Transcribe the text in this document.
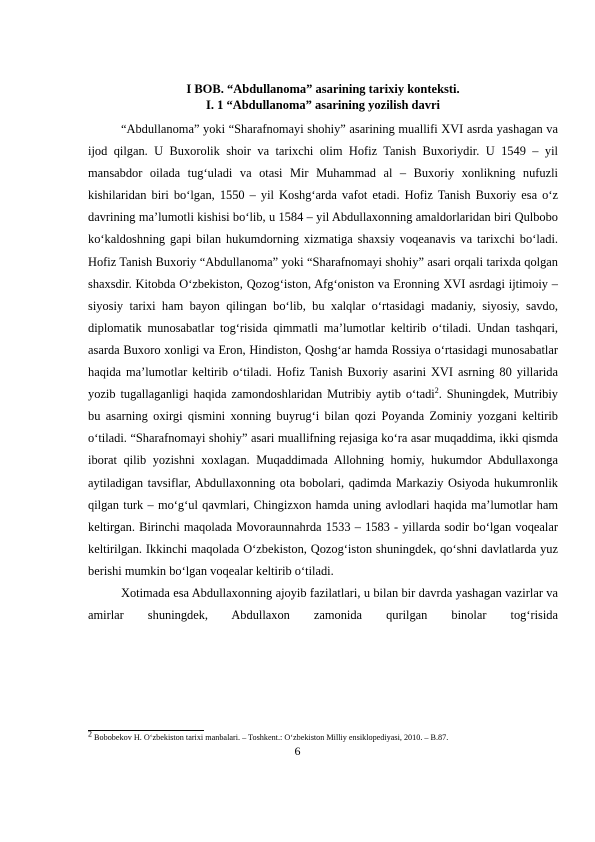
I BOB. “Abdullanoma” asarining tarixiy konteksti.
I. 1 “Abdullanoma” asarining yozilish davri

“Abdullanoma” yoki “Sharafnomayi shohiy” asarining muallifi XVI asrda yashagan va ijod qilgan. U Buxorolik shoir va tarixchi olim Hofiz Tanish Buxoriydir. U 1549 – yil mansabdor oilada tug‘uladi va otasi Mir Muhammad al – Buxoriy xonlikning nufuzli kishilaridan biri bo‘lgan, 1550 – yil Koshg‘arda vafot etadi. Hofiz Tanish Buxoriy esa o‘z davrining ma’lumotli kishisi bo‘lib, u 1584 – yil Abdullaxonning amaldorlaridan biri Qulbobo ko‘kaldoshning gapi bilan hukumdorning xizmatiga shaxsiy voqeanavis va tarixchi bo‘ladi. Hofiz Tanish Buxoriy “Abdullanoma” yoki “Sharafnomayi shohiy” asari orqali tarixda qolgan shaxsdir. Kitobda O‘zbekiston, Qozog‘iston, Afg‘oniston va Eronning XVI asrdagi ijtimoiy – siyosiy tarixi ham bayon qilingan bo‘lib, bu xalqlar o‘rtasidagi madaniy, siyosiy, savdo, diplomatik munosabatlar tog‘risida qimmatli ma’lumotlar keltirib o‘tiladi. Undan tashqari, asarda Buxoro xonligi va Eron, Hindiston, Qoshg‘ar hamda Rossiya o‘rtasidagi munosabatlar haqida ma’lumotlar keltirib o‘tiladi. Hofiz Tanish Buxoriy asarini XVI asrning 80 yillarida yozib tugallaganligi haqida zamondoshlaridan Mutribiy aytib o‘tadi$^2$. Shuningdek, Mutribiy bu asarning oxirgi qismini xonning buyrug‘i bilan qozi Poyanda Zominiy yozgani keltirib o‘tiladi. “Sharafnomayi shohiy” asari muallifning rejasiga ko‘ra asar muqaddima, ikki qismda iborat qilib yozishni xoxlagan. Muqaddimada Allohning homiy, hukumdor Abdullaxonga aytiladigan tavsiflar, Abdullaxonning ota bobolari, qadimda Markaziy Osiyoda hukumronlik qilgan turk – mo‘g‘ul qavmlari, Chingizxon hamda uning avlodlari haqida ma’lumotlar ham keltirgan. Birinchi maqolada Movoraunnahrda 1533 – 1583 - yillarda sodir bo‘lgan voqealar keltirilgan. Ikkinchi maqolada O‘zbekiston, Qozog‘iston shuningdek, qo‘shni davlatlarda yuz berishi mumkin bo‘lgan voqealar keltirib o‘tiladi.

Xotimada esa Abdullaxonning ajoyib fazilatlari, u bilan bir davrda yashagan vazirlar va amirlar shuningdek, Abdullaxon zamonida qurilgan binolar tog‘risida

$^2$ Bobobekov H. O‘zbekiston tarixi manbalari. – Toshkent.: O‘zbekiston Milliy ensiklopediyasi, 2010. – B.87.
6
